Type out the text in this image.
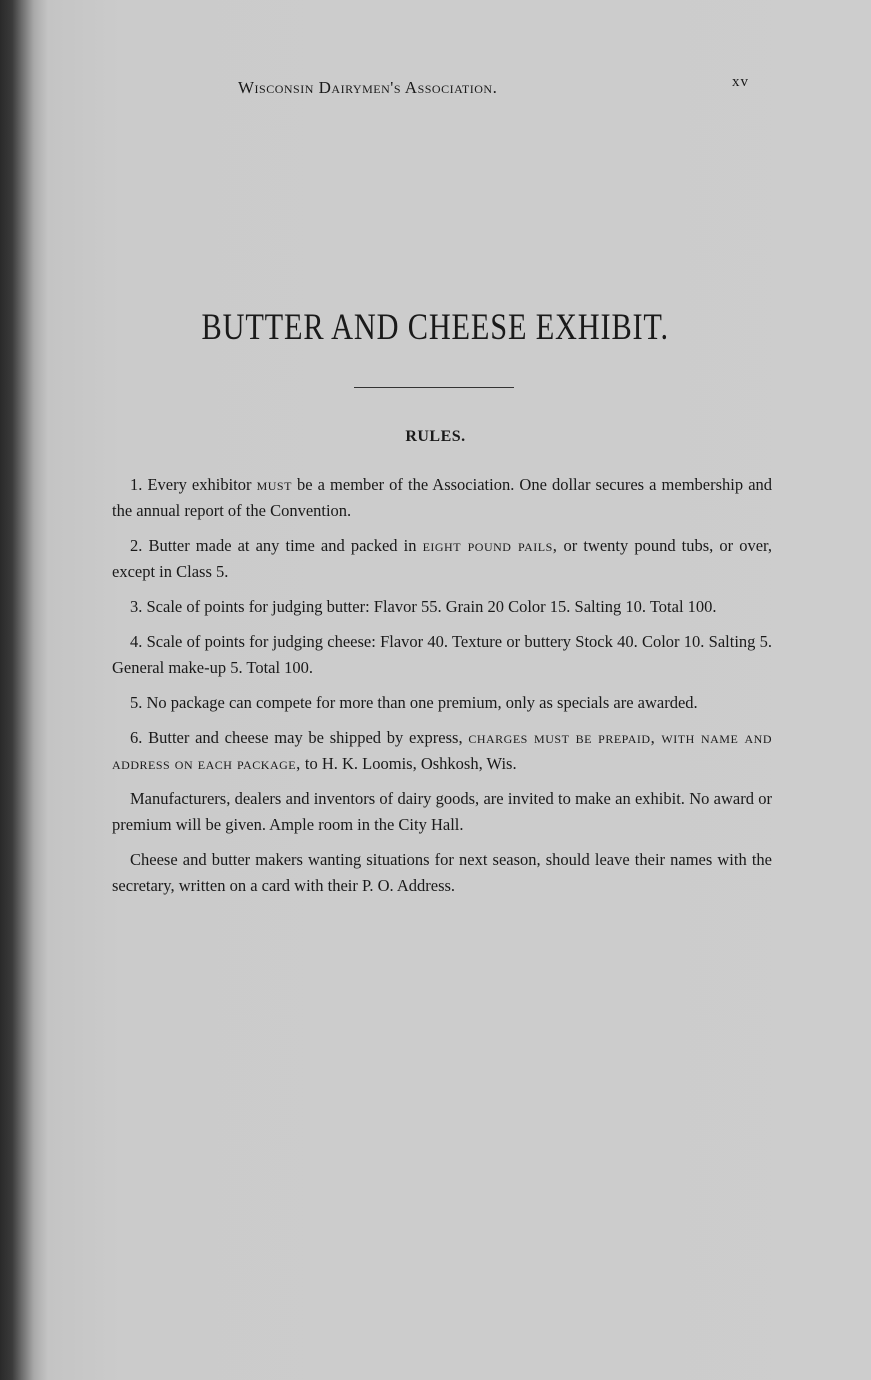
Wisconsin Dairymen's Association.	xv
BUTTER AND CHEESE EXHIBIT.
RULES.

1. Every exhibitor must be a member of the Association. One dollar secures a membership and the annual report of the Convention.

2. Butter made at any time and packed in eight pound pails, or twenty pound tubs, or over, except in Class 5.

3. Scale of points for judging butter: Flavor 55. Grain 20 Color 15. Salting 10. Total 100.

4. Scale of points for judging cheese: Flavor 40. Texture or buttery Stock 40. Color 10. Salting 5. General make-up 5. Total 100.

5. No package can compete for more than one premium, only as specials are awarded.

6. Butter and cheese may be shipped by express, charges must be prepaid, with name and address on each package, to H. K. Loomis, Oshkosh, Wis.

Manufacturers, dealers and inventors of dairy goods, are invited to make an exhibit. No award or premium will be given. Ample room in the City Hall.

Cheese and butter makers wanting situations for next season, should leave their names with the secretary, written on a card with their P. O. Address.
